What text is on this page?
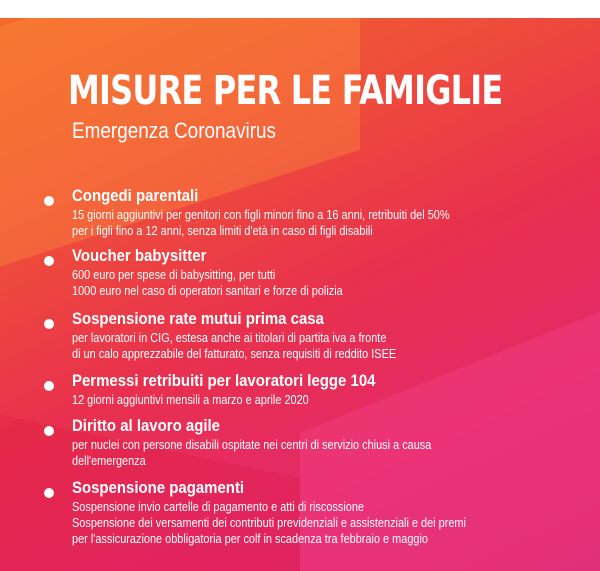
MISURE PER LE FAMIGLIE
Emergenza Coronavirus
Congedi parentali
15 giorni aggiuntivi per genitori con figli minori fino a 16 anni, retribuiti del 50%
per i figli fino a 12 anni, senza limiti d'età in caso di figli disabili
Voucher babysitter
600 euro per spese di babysitting, per tutti
1000 euro nel caso di operatori sanitari e forze di polizia
Sospensione rate mutui prima casa
per lavoratori in CIG, estesa anche ai titolari di partita iva a fronte
di un calo apprezzabile del fatturato, senza requisiti di reddito ISEE
Permessi retribuiti per lavoratori legge 104
12 giorni aggiuntivi mensili a marzo e aprile 2020
Diritto al lavoro agile
per nuclei con persone disabili ospitate nei centri di servizio chiusi a causa
dell'emergenza
Sospensione pagamenti
Sospensione invio cartelle di pagamento e atti di riscossione
Sospensione dei versamenti dei contributi previdenziali e assistenziali e dei premi
per l'assicurazione obbligatoria per colf in scadenza tra febbraio e maggio
